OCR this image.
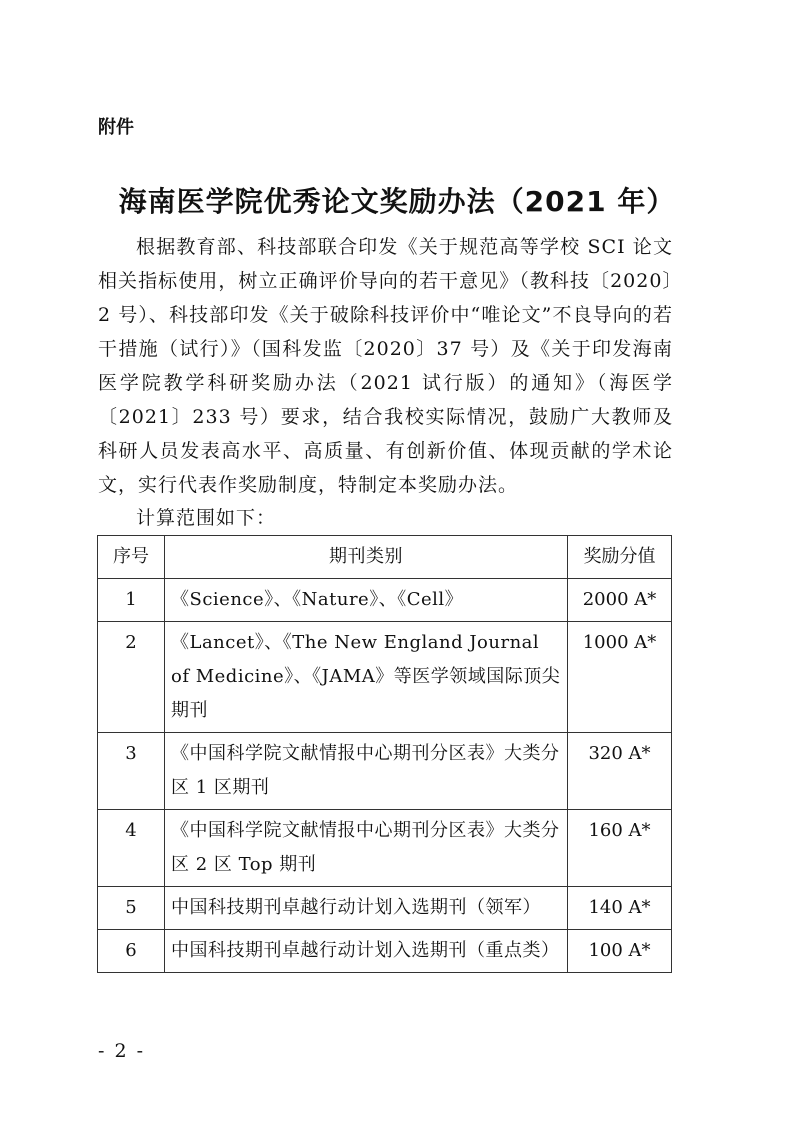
附件
海南医学院优秀论文奖励办法（2021 年）

根据教育部、科技部联合印发《关于规范高等学校 SCI 论文相关指标使用，树立正确评价导向的若干意见》（教科技〔2020〕2 号）、科技部印发《关于破除科技评价中“唯论文”不良导向的若干措施（试行）》（国科发监〔2020〕37 号）及《关于印发海南医学院教学科研奖励办法（2021 试行版）的通知》（海医学〔2021〕233 号）要求，结合我校实际情况，鼓励广大教师及科研人员发表高水平、高质量、有创新价值、体现贡献的学术论文，实行代表作奖励制度，特制定本奖励办法。

计算范围如下：
序号	期刊类别	奖励分值
1	《Science》、《Nature》、《Cell》	2000 A*
2	《Lancet》、《The New England Journal of Medicine》、《JAMA》等医学领域国际顶尖期刊	1000 A*
3	《中国科学院文献情报中心期刊分区表》大类分区 1 区期刊	320 A*
4	《中国科学院文献情报中心期刊分区表》大类分区 2 区 Top 期刊	160 A*
5	中国科技期刊卓越行动计划入选期刊（领军）	140 A*
6	中国科技期刊卓越行动计划入选期刊（重点类）	100 A*
- 2 -
